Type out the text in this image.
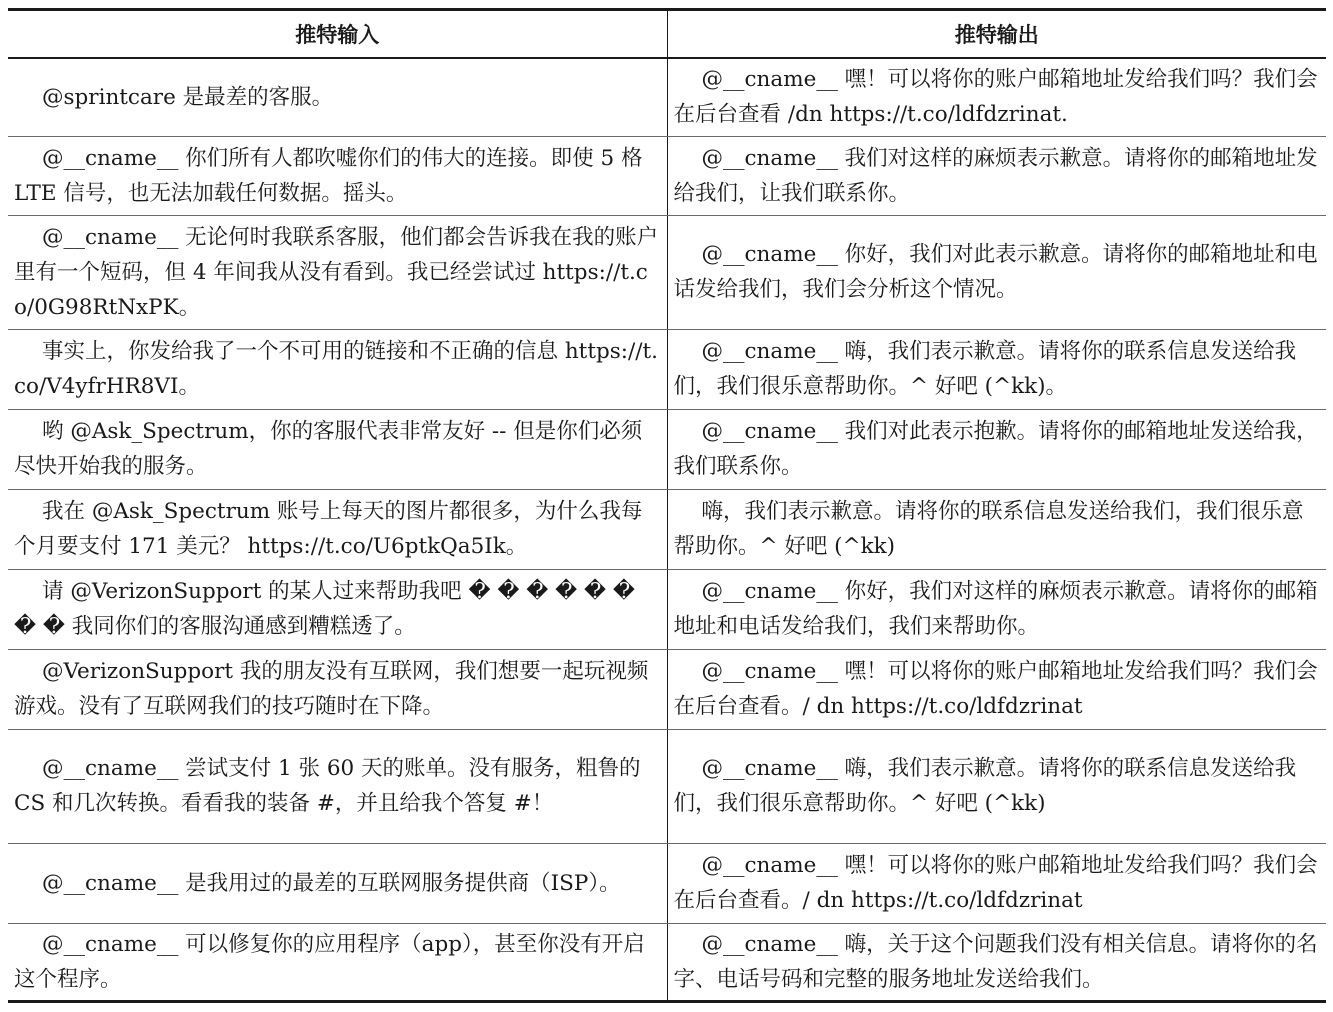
推特输入	推特输出
@sprintcare 是最差的客服。	@__cname__ 嘿！可以将你的账户邮箱地址发给我们吗？我们会在后台查看 /dn https://t.co/ldfdzrinat.
@__cname__ 你们所有人都吹嘘你们的伟大的连接。即使 5 格 LTE 信号，也无法加载任何数据。摇头。	@__cname__ 我们对这样的麻烦表示歉意。请将你的邮箱地址发给我们，让我们联系你。
@__cname__ 无论何时我联系客服，他们都会告诉我在我的账户里有一个短码，但 4 年间我从没有看到。我已经尝试过 https://t.co/0G98RtNxPK。	@__cname__ 你好，我们对此表示歉意。请将你的邮箱地址和电话发给我们，我们会分析这个情况。
事实上，你发给我了一个不可用的链接和不正确的信息 https://t.co/V4yfrHR8VI。	@__cname__ 嗨，我们表示歉意。请将你的联系信息发送给我们，我们很乐意帮助你。^ 好吧 (^kk)。
哟 @Ask_Spectrum，你的客服代表非常友好 -- 但是你们必须尽快开始我的服务。	@__cname__ 我们对此表示抱歉。请将你的邮箱地址发送给我，我们联系你。
我在 @Ask_Spectrum 账号上每天的图片都很多，为什么我每个月要支付 171 美元？ https://t.co/U6ptkQa5Ik。	嗨，我们表示歉意。请将你的联系信息发送给我们，我们很乐意帮助你。^ 好吧 (^kk)
请 @VerizonSupport 的某人过来帮助我吧 � � � � � � � � 我同你们的客服沟通感到糟糕透了。	@__cname__ 你好，我们对这样的麻烦表示歉意。请将你的邮箱地址和电话发给我们，我们来帮助你。
@VerizonSupport 我的朋友没有互联网，我们想要一起玩视频游戏。没有了互联网我们的技巧随时在下降。	@__cname__ 嘿！可以将你的账户邮箱地址发给我们吗？我们会在后台查看。/ dn https://t.co/ldfdzrinat
@__cname__ 尝试支付 1 张 60 天的账单。没有服务，粗鲁的 CS 和几次转换。看看我的装备 #，并且给我个答复 #！	@__cname__ 嗨，我们表示歉意。请将你的联系信息发送给我们，我们很乐意帮助你。^ 好吧 (^kk)
@__cname__ 是我用过的最差的互联网服务提供商（ISP）。	@__cname__ 嘿！可以将你的账户邮箱地址发给我们吗？我们会在后台查看。/ dn https://t.co/ldfdzrinat
@__cname__ 可以修复你的应用程序（app），甚至你没有开启这个程序。	@__cname__ 嗨，关于这个问题我们没有相关信息。请将你的名字、电话号码和完整的服务地址发送给我们。
